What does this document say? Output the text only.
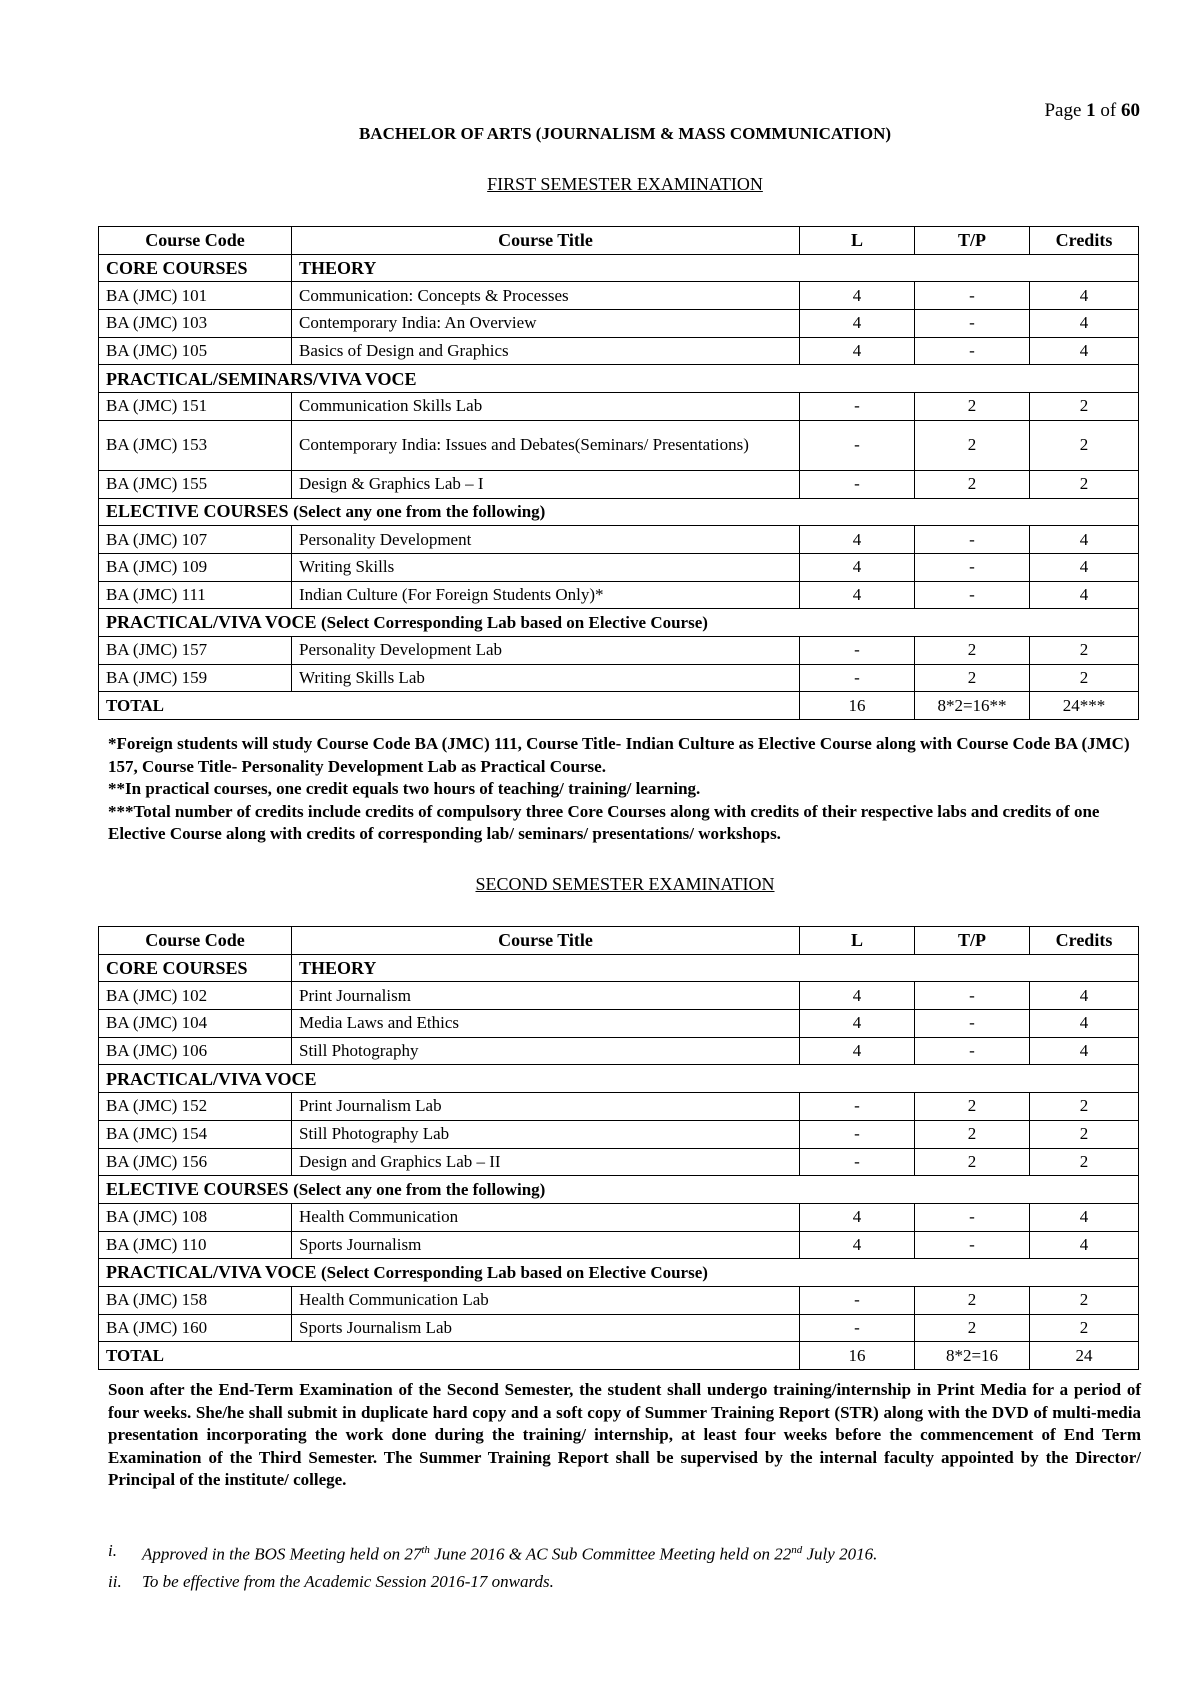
Page 1 of 60
BACHELOR OF ARTS (JOURNALISM & MASS COMMUNICATION)
FIRST SEMESTER EXAMINATION
Course Code	Course Title	L	T/P	Credits
CORE COURSES	THEORY			
BA (JMC) 101	Communication: Concepts & Processes	4	-	4
BA (JMC) 103	Contemporary India: An Overview	4	-	4
BA (JMC) 105	Basics of Design and Graphics	4	-	4
PRACTICAL/SEMINARS/VIVA VOCE				
BA (JMC) 151	Communication Skills Lab	-	2	2
BA (JMC) 153	Contemporary India: Issues and Debates(Seminars/ Presentations)	-	2	2
BA (JMC) 155	Design & Graphics Lab – I	-	2	2
ELECTIVE COURSES (Select any one from the following)				
BA (JMC) 107	Personality Development	4	-	4
BA (JMC) 109	Writing Skills	4	-	4
BA (JMC) 111	Indian Culture (For Foreign Students Only)*	4	-	4
PRACTICAL/VIVA VOCE (Select Corresponding Lab based on Elective Course)				
BA (JMC) 157	Personality Development Lab	-	2	2
BA (JMC) 159	Writing Skills Lab	-	2	2
TOTAL		16	8*2=16**	24***

*Foreign students will study Course Code BA (JMC) 111, Course Title- Indian Culture as Elective Course along with Course Code BA (JMC) 157, Course Title- Personality Development Lab as Practical Course.

**In practical courses, one credit equals two hours of teaching/ training/ learning.

***Total number of credits include credits of compulsory three Core Courses along with credits of their respective labs and credits of one Elective Course along with credits of corresponding lab/ seminars/ presentations/ workshops.

SECOND SEMESTER EXAMINATION
Course Code	Course Title	L	T/P	Credits
CORE COURSES	THEORY			
BA (JMC) 102	Print Journalism	4	-	4
BA (JMC) 104	Media Laws and Ethics	4	-	4
BA (JMC) 106	Still Photography	4	-	4
PRACTICAL/VIVA VOCE				
BA (JMC) 152	Print Journalism Lab	-	2	2
BA (JMC) 154	Still Photography Lab	-	2	2
BA (JMC) 156	Design and Graphics Lab – II	-	2	2
ELECTIVE COURSES (Select any one from the following)				
BA (JMC) 108	Health Communication	4	-	4
BA (JMC) 110	Sports Journalism	4	-	4
PRACTICAL/VIVA VOCE (Select Corresponding Lab based on Elective Course)				
BA (JMC) 158	Health Communication Lab	-	2	2
BA (JMC) 160	Sports Journalism Lab	-	2	2
TOTAL		16	8*2=16	24
Soon after the End-Term Examination of the Second Semester, the student shall undergo training/internship in Print Media for a period of four weeks. She/he shall submit in duplicate hard copy and a soft copy of Summer Training Report (STR) along with the DVD of multi-media presentation incorporating the work done during the training/ internship, at least four weeks before the commencement of End Term Examination of the Third Semester. The Summer Training Report shall be supervised by the internal faculty appointed by the Director/ Principal of the institute/ college.
i.	Approved in the BOS Meeting held on 27th June 2016 & AC Sub Committee Meeting held on 22nd July 2016.
ii.	To be effective from the Academic Session 2016-17 onwards.
